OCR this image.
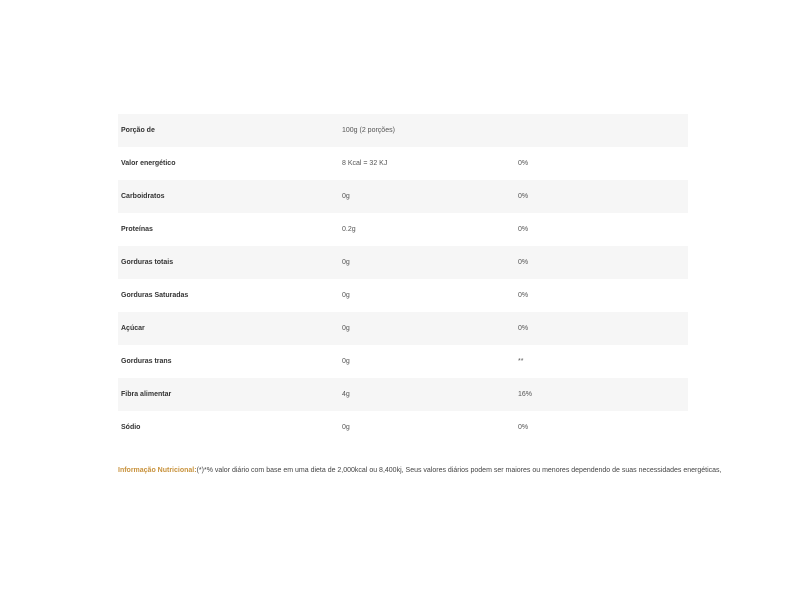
Porção de	100g (2 porções)	
Valor energético	8 Kcal = 32 KJ	0%
Carboidratos	0g	0%
Proteínas	0.2g	0%
Gorduras totais	0g	0%
Gorduras Saturadas	0g	0%
Açúcar	0g	0%
Gorduras trans	0g	**
Fibra alimentar	4g	16%
Sódio	0g	0%
Informação Nutricional:(*)*% valor diário com base em uma dieta de 2,000kcal ou 8,400kj, Seus valores diários podem ser maiores ou menores dependendo de suas necessidades energéticas,
